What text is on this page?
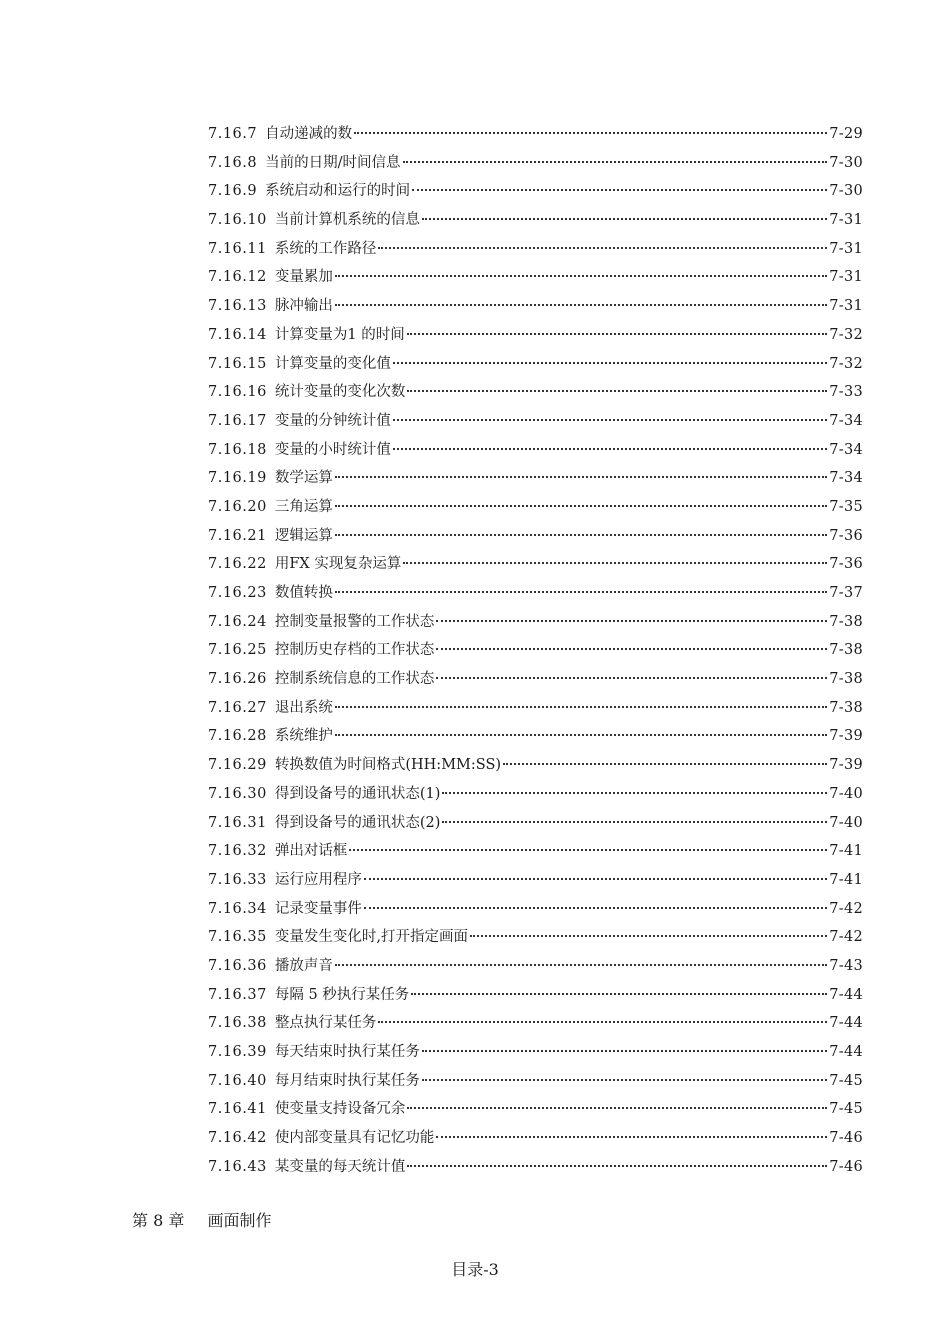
7.16.7 自动递减的数	7-29
7.16.8 当前的日期/时间信息	7-30
7.16.9 系统启动和运行的时间	7-30
7.16.10 当前计算机系统的信息	7-31
7.16.11 系统的工作路径	7-31
7.16.12 变量累加	7-31
7.16.13 脉冲输出	7-31
7.16.14 计算变量为1 的时间	7-32
7.16.15 计算变量的变化值	7-32
7.16.16 统计变量的变化次数	7-33
7.16.17 变量的分钟统计值	7-34
7.16.18 变量的小时统计值	7-34
7.16.19 数学运算	7-34
7.16.20 三角运算	7-35
7.16.21 逻辑运算	7-36
7.16.22 用FX 实现复杂运算	7-36
7.16.23 数值转换	7-37
7.16.24 控制变量报警的工作状态	7-38
7.16.25 控制历史存档的工作状态	7-38
7.16.26 控制系统信息的工作状态	7-38
7.16.27 退出系统	7-38
7.16.28 系统维护	7-39
7.16.29 转换数值为时间格式(HH:MM:SS)	7-39
7.16.30 得到设备号的通讯状态(1)	7-40
7.16.31 得到设备号的通讯状态(2)	7-40
7.16.32 弹出对话框	7-41
7.16.33 运行应用程序	7-41
7.16.34 记录变量事件	7-42
7.16.35 变量发生变化时,打开指定画面	7-42
7.16.36 播放声音	7-43
7.16.37 每隔 5 秒执行某任务	7-44
7.16.38 整点执行某任务	7-44
7.16.39 每天结束时执行某任务	7-44
7.16.40 每月结束时执行某任务	7-45
7.16.41 使变量支持设备冗余	7-45
7.16.42 使内部变量具有记忆功能	7-46
7.16.43 某变量的每天统计值	7-46
第 8 章 画面制作
目录-3
